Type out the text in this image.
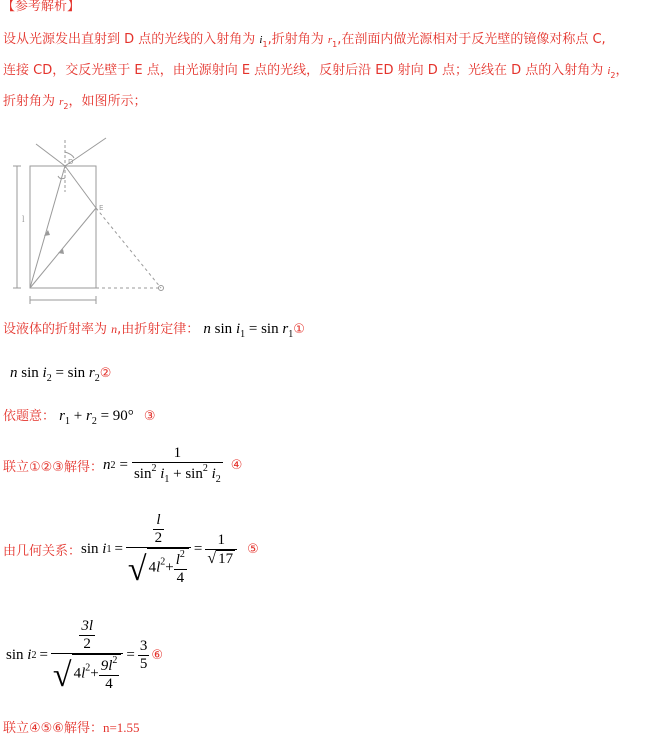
【参考解析】
设从光源发出直射到 D 点的光线的入射角为 $i_1$,折射角为 $r_1$,在剖面内做光源相对于反光壁的镜像对称点 C,
连接 CD，交反光壁于 E 点，由光源射向 E 点的光线，反射后沿 ED 射向 D 点；光线在 D 点的入射角为 $i_2$，
折射角为 $r_2$，如图所示；
l
D
E
设液体的折射率为 n,由折射定律： n $\sin i_1 = \sin$ $r_1①$
n $\sin i_2 = \sin$ $r_2②$
依题意： $r_1 + r_2 = 90^\circ$ ③
联立①②③解得： n $2 = \frac{1}{\sin^2 i_1 + \sin^2 i_2}$ ④
由几何关系： sin
i $1 = \frac{\frac{l}{2}}{√ 4l^2+ \frac{l^2}{4}} = \frac{1}{√ 17}$ ⑤
sin
i $2 = \frac{\frac{3l}{2}}{√ 4l^2+ \frac{9l^2}{4}} = \frac{3}{5}$ ⑥
联立④⑤⑥解得：n=1.55
